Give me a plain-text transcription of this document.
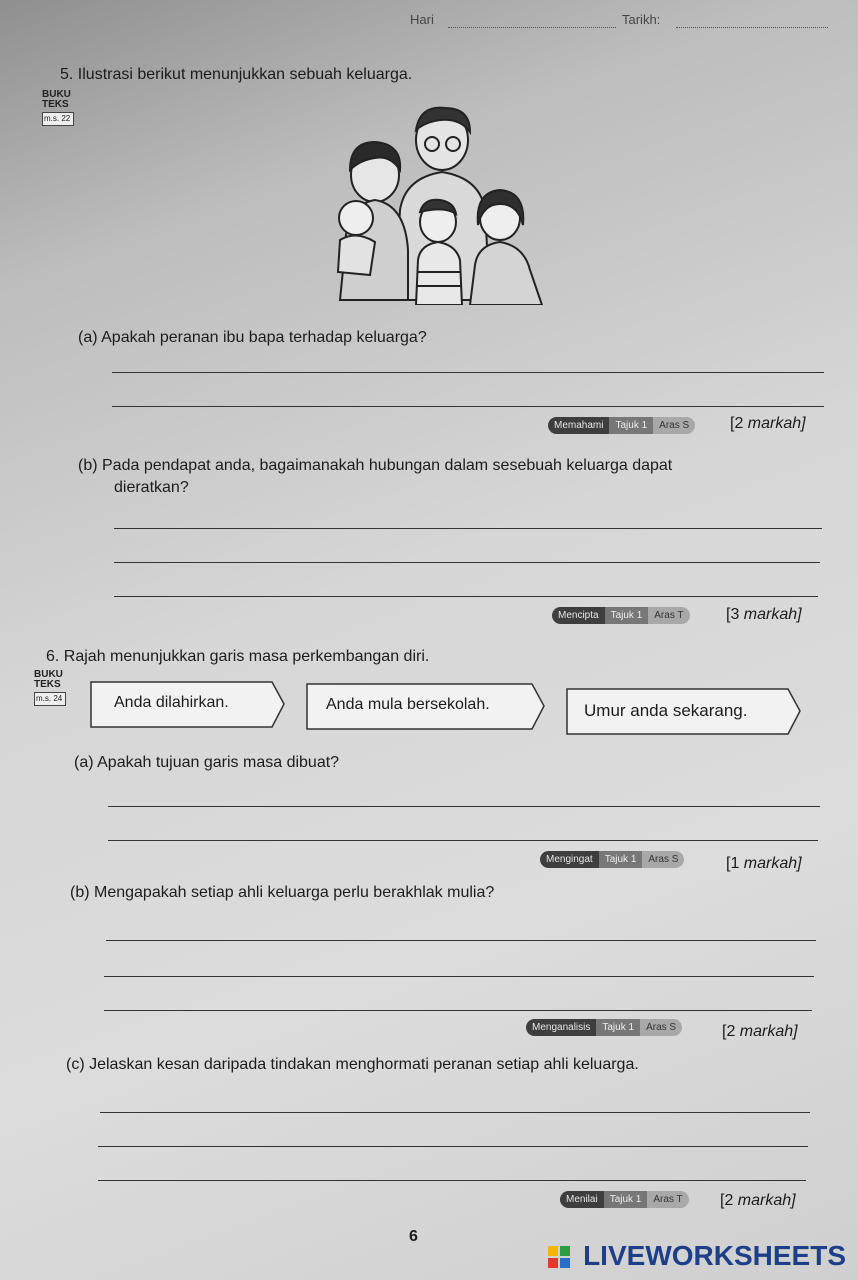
Hari	Tarikh:
5. Ilustrasi berikut menunjukkan sebuah keluarga.
BUKU
TEKS
m.s. 22
(a) Apakah peranan ibu bapa terhadap keluarga?
Memahami	Tajuk 1	Aras S	[2 markah]
(b) Pada pendapat anda, bagaimanakah hubungan dalam sesebuah keluarga dapat
dieratkan?
Mencipta	Tajuk 1	Aras T	[3 markah]
6. Rajah menunjukkan garis masa perkembangan diri.
BUKU
TEKS
m.s. 24	Anda dilahirkan.	Anda mula bersekolah.	Umur anda sekarang.
(a) Apakah tujuan garis masa dibuat?
Mengingat	Tajuk 1	Aras S	[1 markah]
(b) Mengapakah setiap ahli keluarga perlu berakhlak mulia?
Menganalisis	Tajuk 1	Aras S	[2 markah]
(c) Jelaskan kesan daripada tindakan menghormati peranan setiap ahli keluarga.
Menilai	Tajuk 1	Aras T	[2 markah]
6
LIVEWORKSHEETS
